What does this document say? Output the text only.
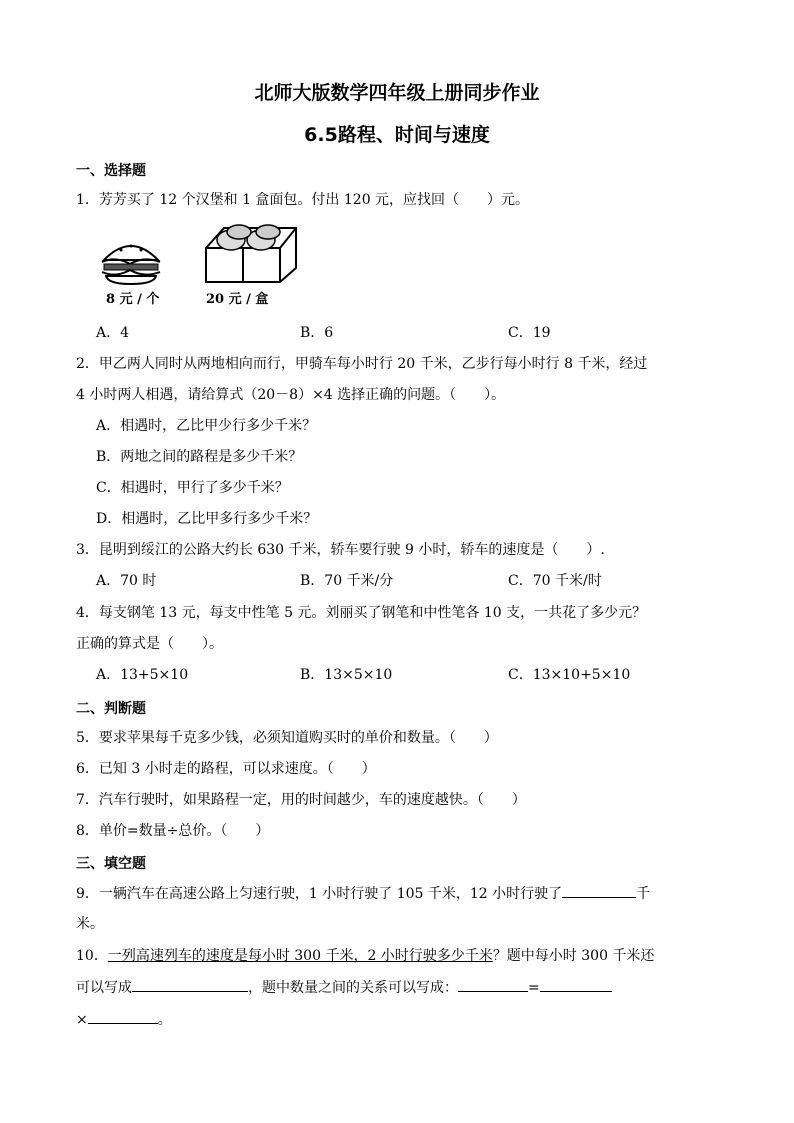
北师大版数学四年级上册同步作业
6.5路程、时间与速度
一、选择题
1．芳芳买了 12 个汉堡和 1 盒面包。付出 120 元，应找回（　　）元。
8 元 / 个	20 元 / 盒
A．4	B．6	C．19
2．甲乙两人同时从两地相向而行，甲骑车每小时行 20 千米，乙步行每小时行 8 千米，经过
4 小时两人相遇，请给算式（20－8）×4 选择正确的问题。（　　）。
A．相遇时，乙比甲少行多少千米？
B．两地之间的路程是多少千米？
C．相遇时，甲行了多少千米？
D．相遇时，乙比甲多行多少千米？
3．昆明到绥江的公路大约长 630 千米，轿车要行驶 9 小时，轿车的速度是（　　）.
A．70 时	B．70 千米/分	C．70 千米/时
4．每支钢笔 13 元，每支中性笔 5 元。刘丽买了钢笔和中性笔各 10 支，一共花了多少元？
正确的算式是（　　）。
A．13+5×10	B．13×5×10	C．13×10+5×10
二、判断题
5．要求苹果每千克多少钱，必须知道购买时的单价和数量。（　　）
6．已知 3 小时走的路程，可以求速度。（　　）
7．汽车行驶时，如果路程一定，用的时间越少，车的速度越快。（　　）
8．单价=数量÷总价。（　　）
三、填空题
9．一辆汽车在高速公路上匀速行驶，1 小时行驶了 105 千米，12 小时行驶了	千
米。
10．一列高速列车的速度是每小时 300 千米，2 小时行驶多少千米？题中每小时 300 千米还
可以写成	，题中数量之间的关系可以写成：	=
×	。
